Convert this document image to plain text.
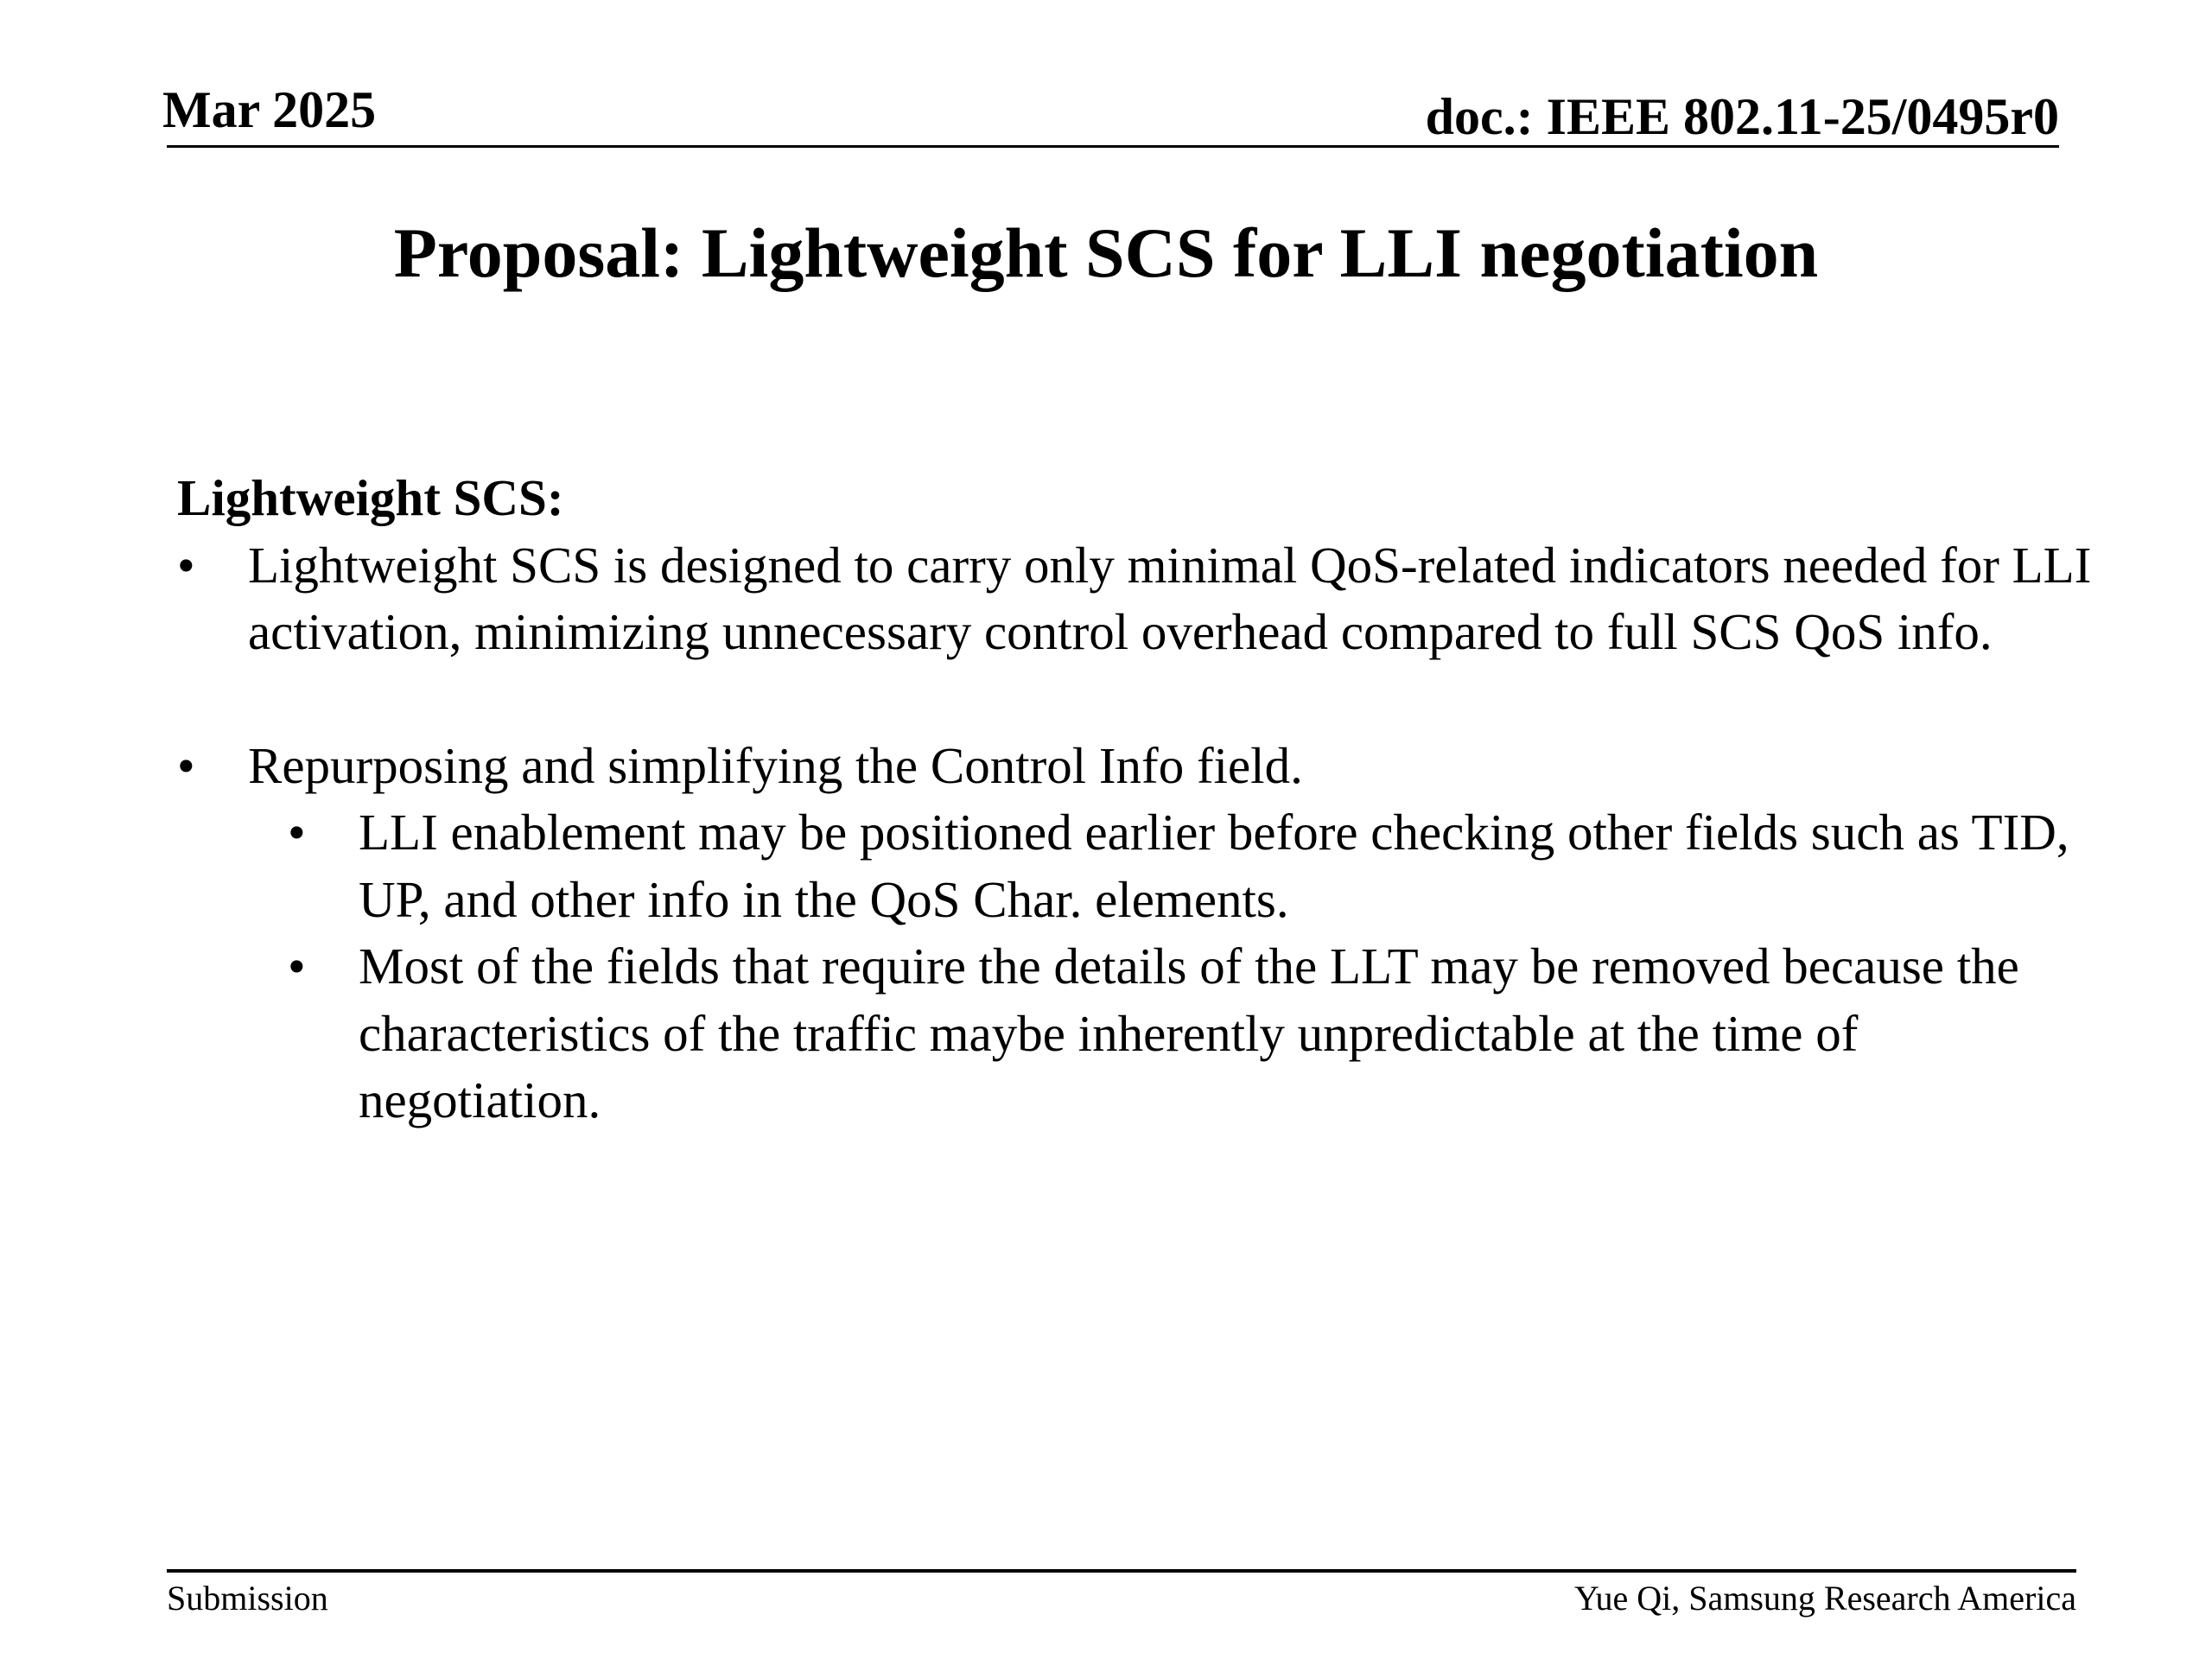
Mar 2025	doc.: IEEE 802.11-25/0495r0
Proposal: Lightweight SCS for LLI negotiation
Lightweight SCS:
• Lightweight SCS is designed to carry only minimal QoS-related indicators needed for LLI activation, minimizing unnecessary control overhead compared to full SCS QoS info.
• Repurposing and simplifying the Control Info field.
• LLI enablement may be positioned earlier before checking other fields such as TID, UP, and other info in the QoS Char. elements.
• Most of the fields that require the details of the LLT may be removed because the characteristics of the traffic maybe inherently unpredictable at the time of negotiation.
Submission	Yue Qi, Samsung Research America
